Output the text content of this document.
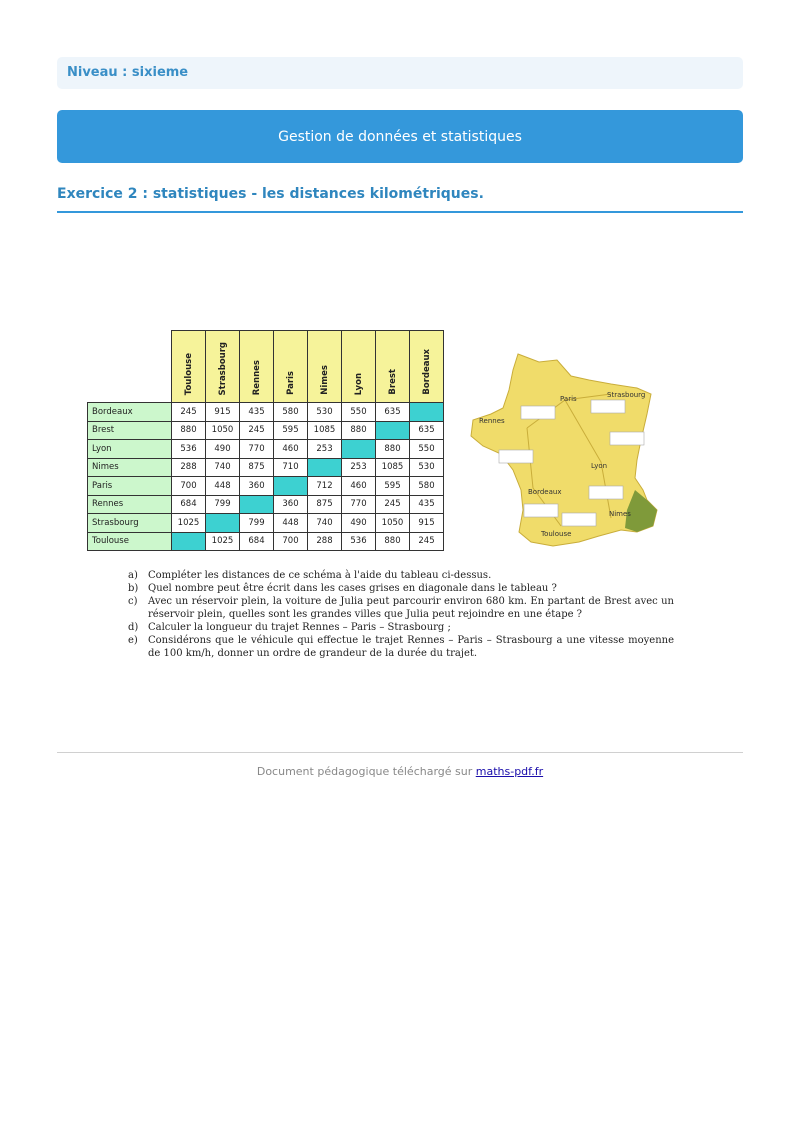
Niveau : sixieme
Gestion de données et statistiques
Exercice 2 : statistiques - les distances kilométriques.
	Toulouse	Strasbourg	Rennes	Paris	Nimes	Lyon	Brest	Bordeaux
Bordeaux	245	915	435	580	530	550	635	
Brest	880	1050	245	595	1085	880		635
Lyon	536	490	770	460	253		880	550
Nimes	288	740	875	710		253	1085	530
Paris	700	448	360		712	460	595	580
Rennes	684	799		360	875	770	245	435
Strasbourg	1025		799	448	740	490	1050	915
Toulouse		1025	684	700	288	536	880	245
Paris	Strasbourg
Rennes
Lyon
Bordeaux
Nimes
Toulouse
a)	Compléter les distances de ce schéma à l'aide du tableau ci-dessus.
b) Quel nombre peut être écrit dans les cases grises en diagonale dans le tableau ?
c)	Avec un réservoir plein, la voiture de Julia peut parcourir environ 680 km. En partant de Brest avec un réservoir plein, quelles sont les grandes villes que Julia peut rejoindre en une étape ?
d) Calculer la longueur du trajet Rennes – Paris – Strasbourg ;
e)	Considérons que le véhicule qui effectue le trajet Rennes – Paris – Strasbourg a une vitesse moyenne de 100 km/h, donner un ordre de grandeur de la durée du trajet.
Document pédagogique téléchargé sur maths-pdf.fr
